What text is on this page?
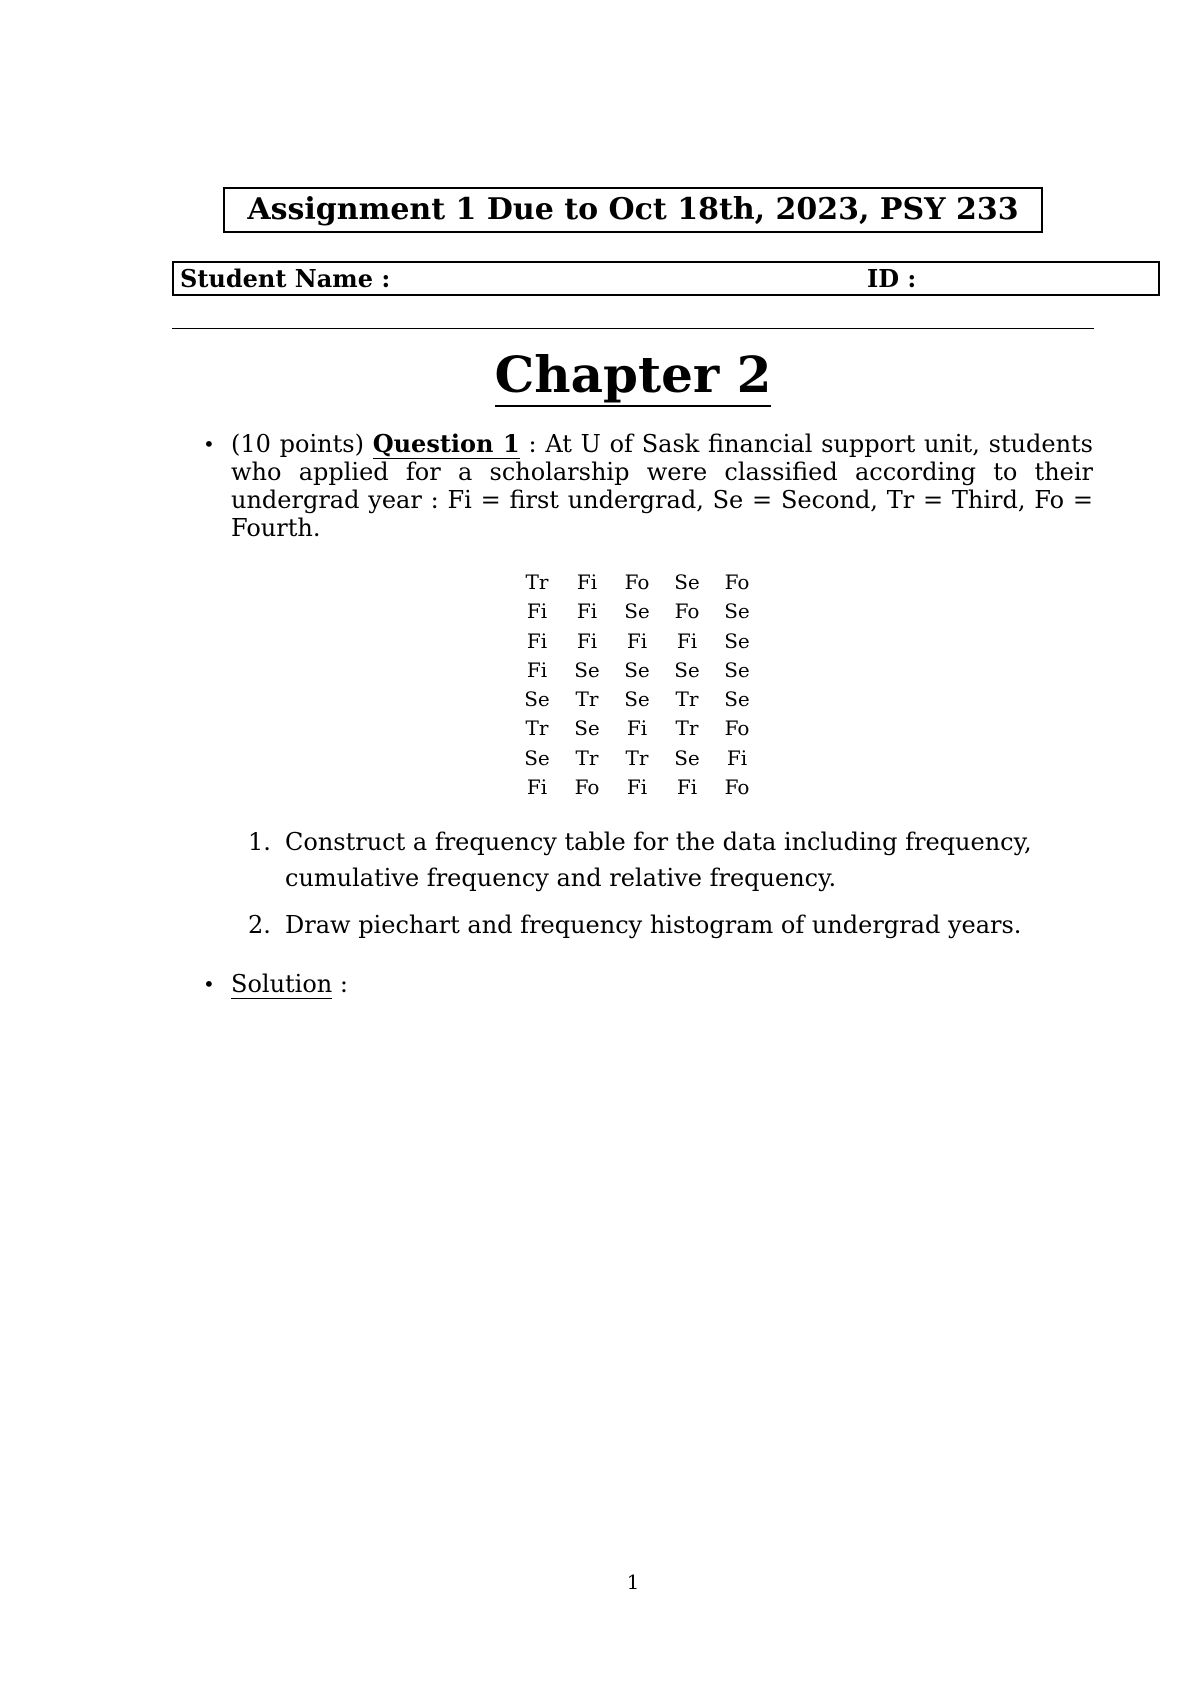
Assignment 1 Due to Oct 18th, 2023, PSY 233
Student Name :	ID :
Chapter 2
• (10 points) Question 1 : At U of Sask financial support unit, students who applied for a scholarship were classified according to their undergrad year : Fi = first undergrad, Se = Second, Tr = Third, Fo = Fourth.
Tr	Fi	Fo	Se	Fo
Fi	Fi	Se	Fo	Se
Fi	Fi	Fi	Fi	Se
Fi	Se	Se	Se	Se
Se	Tr	Se	Tr	Se
Tr	Se	Fi	Tr	Fo
Se	Tr	Tr	Se	Fi
Fi	Fo	Fi	Fi	Fo
1. Construct a frequency table for the data including frequency, cumulative frequency and relative frequency.
2. Draw piechart and frequency histogram of undergrad years.
• Solution :
1
